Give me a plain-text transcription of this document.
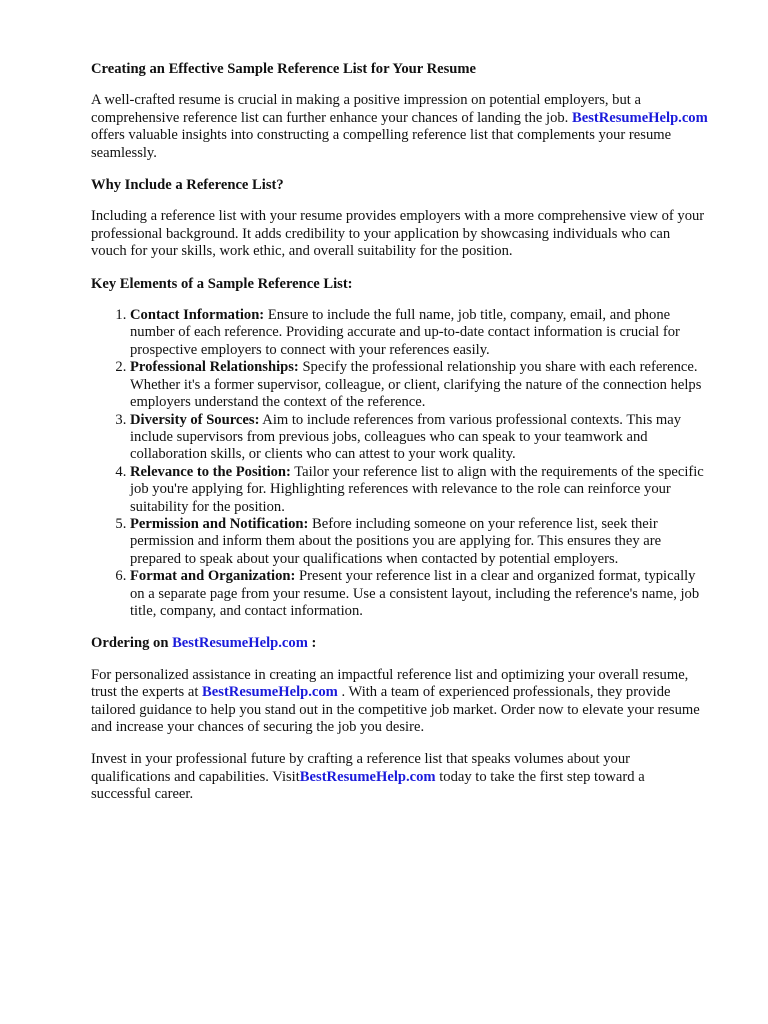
Creating an Effective Sample Reference List for Your Resume

A well-crafted resume is crucial in making a positive impression on potential employers, but a comprehensive reference list can further enhance your chances of landing the job. BestResumeHelp.com offers valuable insights into constructing a compelling reference list that complements your resume seamlessly.

Why Include a Reference List?

Including a reference list with your resume provides employers with a more comprehensive view of your professional background. It adds credibility to your application by showcasing individuals who can vouch for your skills, work ethic, and overall suitability for the position.

Key Elements of a Sample Reference List:
1. Contact Information: Ensure to include the full name, job title, company, email, and phone number of each reference. Providing accurate and up-to-date contact information is crucial for prospective employers to connect with your references easily.
2. Professional Relationships: Specify the professional relationship you share with each reference. Whether it's a former supervisor, colleague, or client, clarifying the nature of the connection helps employers understand the context of the reference.
3. Diversity of Sources: Aim to include references from various professional contexts. This may include supervisors from previous jobs, colleagues who can speak to your teamwork and collaboration skills, or clients who can attest to your work quality.
4. Relevance to the Position: Tailor your reference list to align with the requirements of the specific job you're applying for. Highlighting references with relevance to the role can reinforce your suitability for the position.
5. Permission and Notification: Before including someone on your reference list, seek their permission and inform them about the positions you are applying for. This ensures they are prepared to speak about your qualifications when contacted by potential employers.
6. Format and Organization: Present your reference list in a clear and organized format, typically on a separate page from your resume. Use a consistent layout, including the reference's name, job title, company, and contact information.
Ordering on BestResumeHelp.com :

For personalized assistance in creating an impactful reference list and optimizing your overall resume, trust the experts at BestResumeHelp.com . With a team of experienced professionals, they provide tailored guidance to help you stand out in the competitive job market. Order now to elevate your resume and increase your chances of securing the job you desire.

Invest in your professional future by crafting a reference list that speaks volumes about your qualifications and capabilities. VisitBestResumeHelp.com today to take the first step toward a successful career.
